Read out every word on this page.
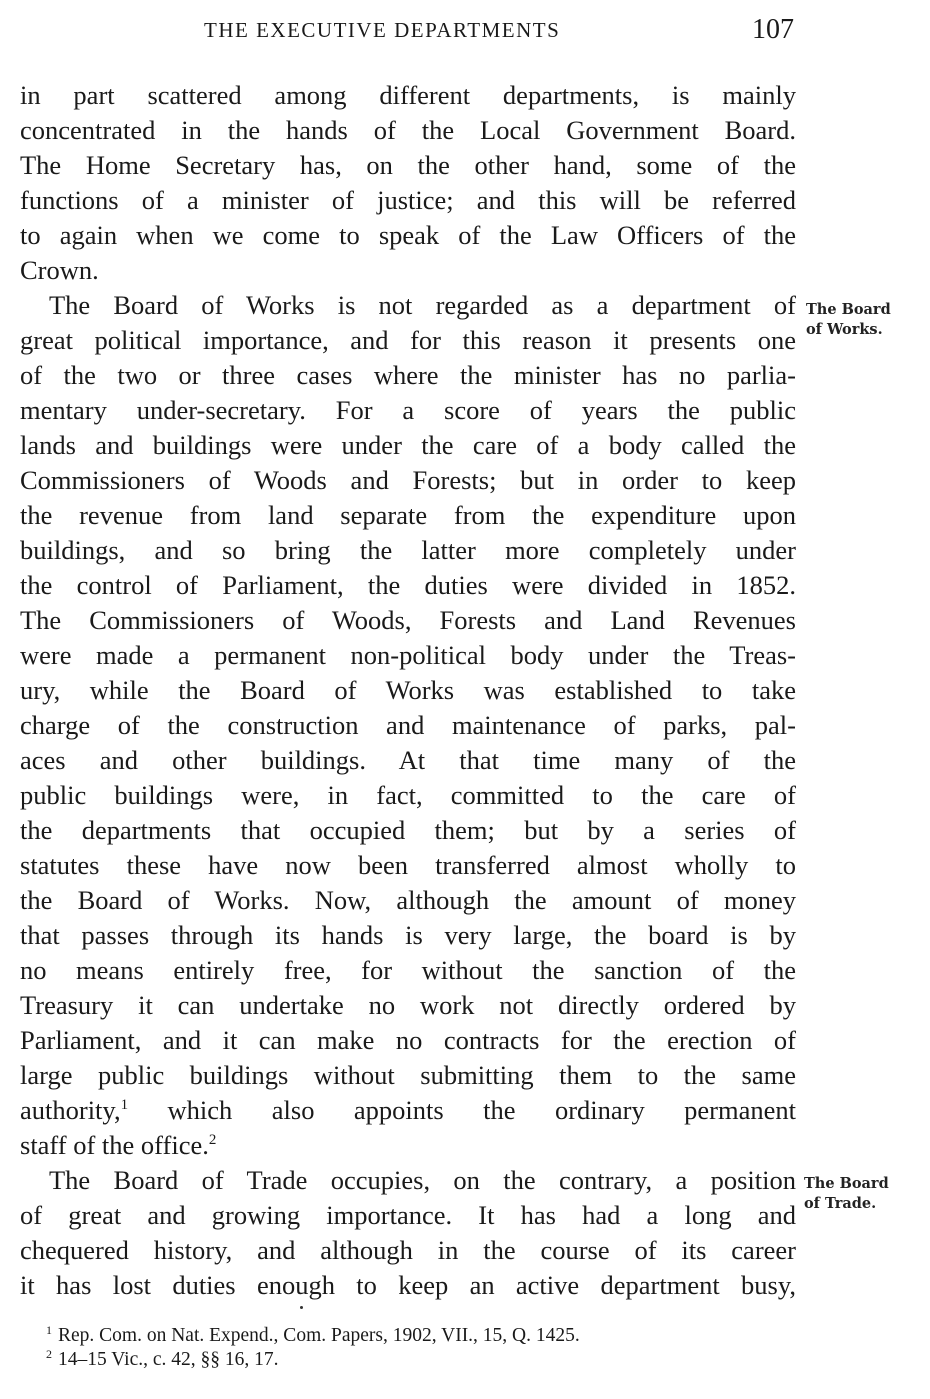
THE EXECUTIVE DEPARTMENTS	107
in part scattered among different departments, is mainly
concentrated in the hands of the Local Government Board.
The Home Secretary has, on the other hand, some of the
functions of a minister of justice; and this will be referred
to again when we come to speak of the Law Officers of the
Crown.
The Board of Works is not regarded as a department of
great political importance, and for this reason it presents one
of the two or three cases where the minister has no parlia-
mentary under-secretary. For a score of years the public
lands and buildings were under the care of a body called the
Commissioners of Woods and Forests; but in order to keep
the revenue from land separate from the expenditure upon
buildings, and so bring the latter more completely under
the control of Parliament, the duties were divided in 1852.
The Commissioners of Woods, Forests and Land Revenues
were made a permanent non-political body under the Treas-
ury, while the Board of Works was established to take
charge of the construction and maintenance of parks, pal-
aces and other buildings. At that time many of the
public buildings were, in fact, committed to the care of
the departments that occupied them; but by a series of
statutes these have now been transferred almost wholly to
the Board of Works. Now, although the amount of money
that passes through its hands is very large, the board is by
no means entirely free, for without the sanction of the
Treasury it can undertake no work not directly ordered by
Parliament, and it can make no contracts for the erection of
large public buildings without submitting them to the same
authority,$^1$ which also appoints the ordinary permanent
staff of the office.$^2$
The Board of Trade occupies, on the contrary, a position
of great and growing importance. It has had a long and
chequered history, and although in the course of its career
it has lost duties enough to keep an active department busy,
The Board
of Works.
The Board
of Trade.
$^1$ Rep. Com. on Nat. Expend., Com. Papers, 1902, VII., 15, Q. 1425.
$^2$ 14–15 Vic., c. 42, §§ 16, 17.
